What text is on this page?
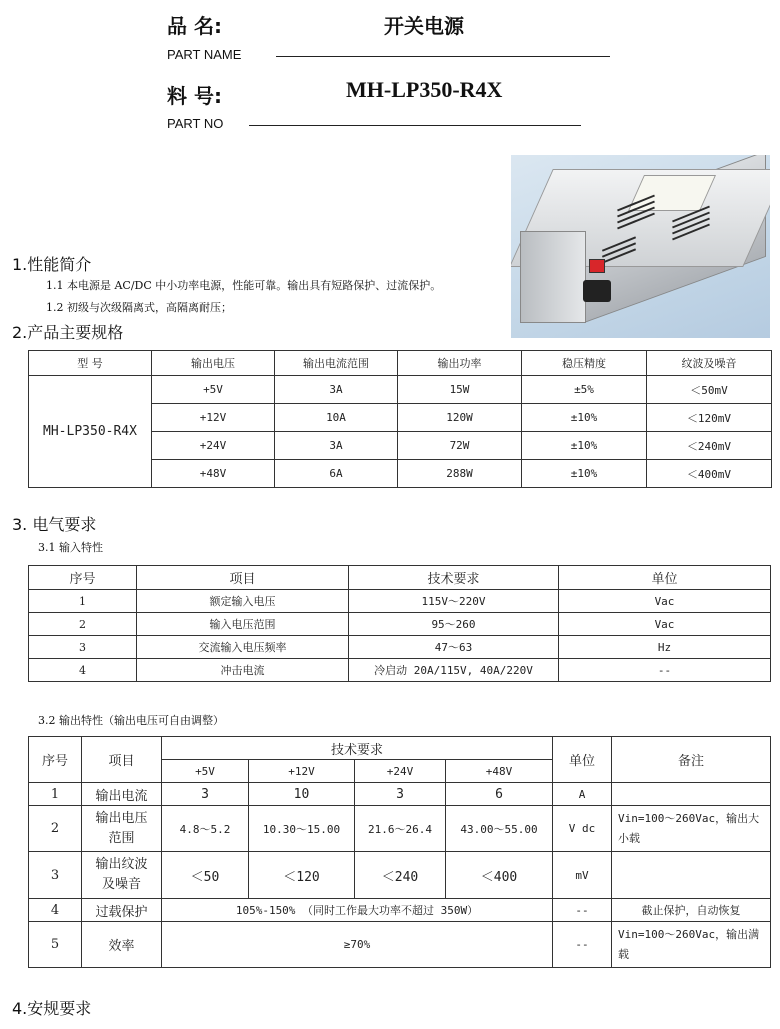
品 名:	开关电源
PART NAME
料 号:	MH-LP350-R4X
PART NO
1.性能简介
1.1 本电源是 AC/DC 中小功率电源，性能可靠。输出具有短路保护、过流保护。
1.2 初级与次级隔离式，高隔离耐压；
2.产品主要规格
型 号	输出电压	输出电流范围	输出功率	稳压精度	纹波及噪音
MH-LP350-R4X	+5V	3A	15W	±5%	＜50mV
	+12V	10A	120W	±10%	＜120mV
	+24V	3A	72W	±10%	＜240mV
	+48V	6A	288W	±10%	＜400mV
3. 电气要求
3.1 输入特性
序号	项目	技术要求	单位
1	额定输入电压	115V～220V	Vac
2	输入电压范围	95～260	Vac
3	交流输入电压频率	47～63	Hz
4	冲击电流	冷启动 20A/115V, 40A/220V	--
3.2 输出特性（输出电压可自由调整）
序号	项目	技术要求				单位	备注
		+5V	+12V	+24V	+48V		
1	输出电流	3	10	3	6	A	
2	输出电压范围	4.8～5.2	10.30～15.00	21.6～26.4	43.00～55.00	V dc	Vin=100～260Vac，输出大小载
3	输出纹波及噪音	＜50	＜120	＜240	＜400	mV	
4	过载保护	105%-150% （同时工作最大功率不超过 350W）				--	截止保护，自动恢复
5	效率	≥70%				--	Vin=100～260Vac，输出满载
4.安规要求
